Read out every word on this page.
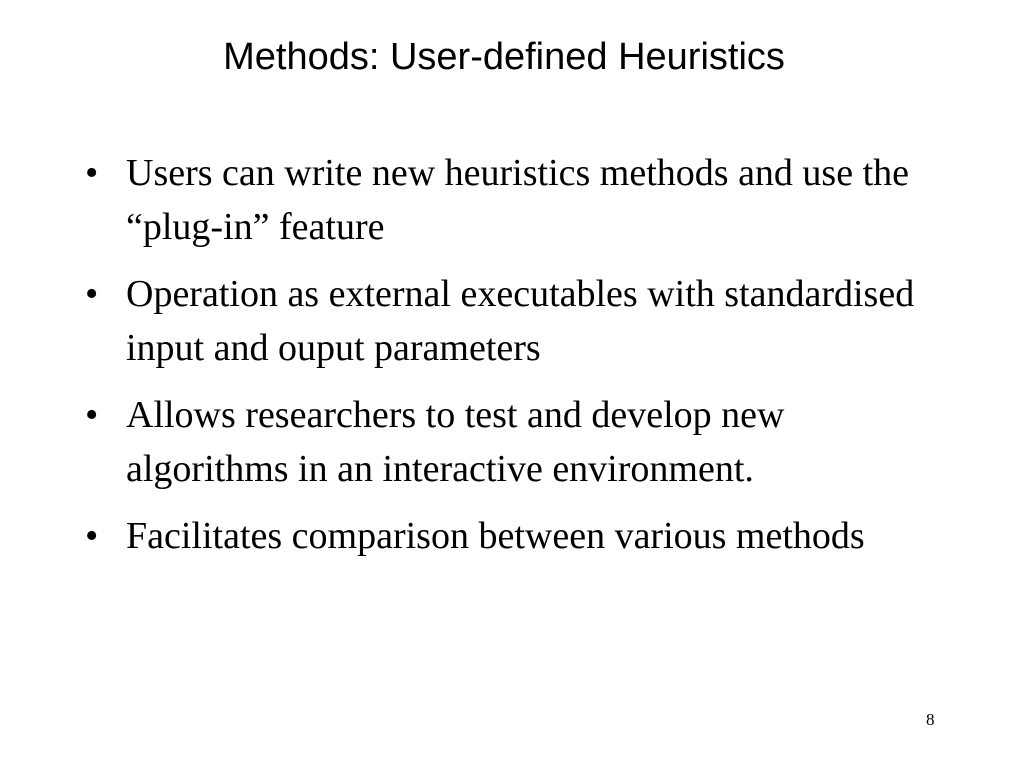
Methods: User-defined Heuristics
• Users can write new heuristics methods and use the “plug-in” feature
• Operation as external executables with standardised input and ouput parameters
• Allows researchers to test and develop new algorithms in an interactive environment.
• Facilitates comparison between various methods
8
